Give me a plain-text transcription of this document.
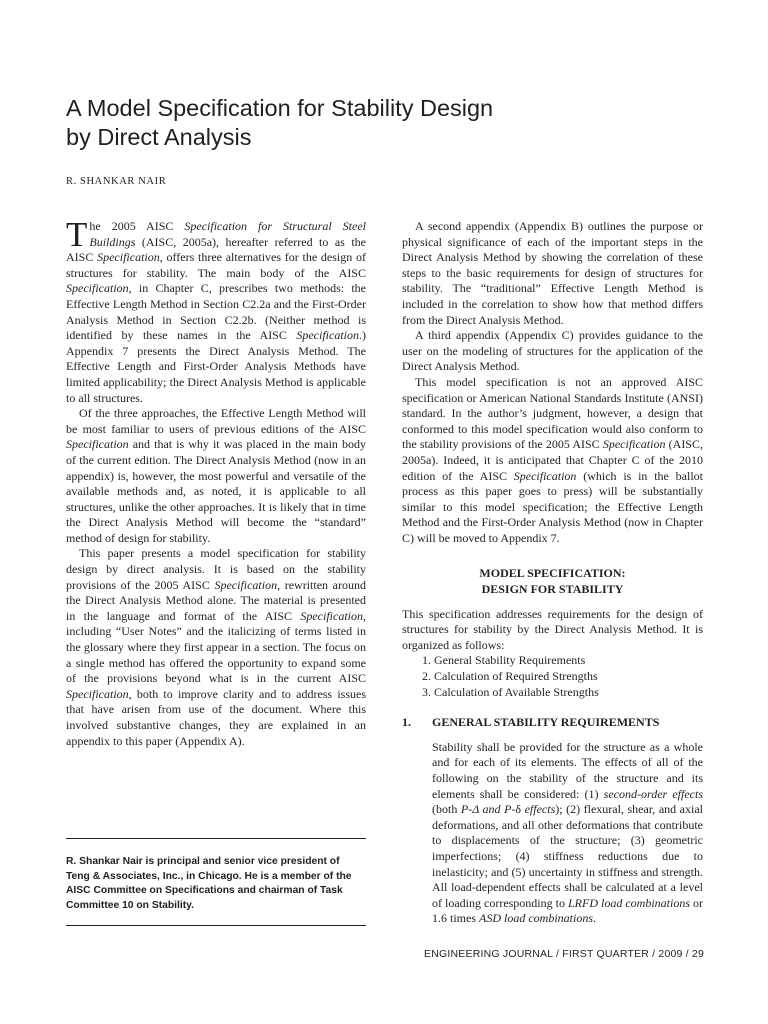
A Model Specification for Stability Design
by Direct Analysis
R. SHANKAR NAIR

The 2005 AISC Specification for Structural Steel Buildings (AISC, 2005a), hereafter referred to as the AISC Specification, offers three alternatives for the design of structures for stability. The main body of the AISC Specification, in Chapter C, prescribes two methods: the Effective Length Method in Section C2.2a and the First-Order Analysis Method in Section C2.2b. (Neither method is identified by these names in the AISC Specification.) Appendix 7 presents the Direct Analysis Method. The Effective Length and First-Order Analysis Methods have limited applicability; the Direct Analysis Method is applicable to all structures.

Of the three approaches, the Effective Length Method will be most familiar to users of previous editions of the AISC Specification and that is why it was placed in the main body of the current edition. The Direct Analysis Method (now in an appendix) is, however, the most powerful and versatile of the available methods and, as noted, it is applicable to all structures, unlike the other approaches. It is likely that in time the Direct Analysis Method will become the “standard” method of design for stability.

This paper presents a model specification for stability design by direct analysis. It is based on the stability provisions of the 2005 AISC Specification, rewritten around the Direct Analysis Method alone. The material is presented in the language and format of the AISC Specification, including “User Notes” and the italicizing of terms listed in the glossary where they first appear in a section. The focus on a single method has offered the opportunity to expand some of the provisions beyond what is in the current AISC Specification, both to improve clarity and to address issues that have arisen from use of the document. Where this involved substantive changes, they are explained in an appendix to this paper (Appendix A).

A second appendix (Appendix B) outlines the purpose or physical significance of each of the important steps in the Direct Analysis Method by showing the correlation of these steps to the basic requirements for design of structures for stability. The “traditional” Effective Length Method is included in the correlation to show how that method differs from the Direct Analysis Method.

A third appendix (Appendix C) provides guidance to the user on the modeling of structures for the application of the Direct Analysis Method.

This model specification is not an approved AISC specification or American National Standards Institute (ANSI) standard. In the author’s judgment, however, a design that conformed to this model specification would also conform to the stability provisions of the 2005 AISC Specification (AISC, 2005a). Indeed, it is anticipated that Chapter C of the 2010 edition of the AISC Specification (which is in the ballot process as this paper goes to press) will be substantially similar to this model specification; the Effective Length Method and the First-Order Analysis Method (now in Chapter C) will be moved to Appendix 7.

MODEL SPECIFICATION:
DESIGN FOR STABILITY

This specification addresses requirements for the design of structures for stability by the Direct Analysis Method. It is organized as follows:

1. General Stability Requirements
2. Calculation of Required Strengths
3. Calculation of Available Strengths
1.	GENERAL STABILITY REQUIREMENTS

Stability shall be provided for the structure as a whole and for each of its elements. The effects of all of the following on the stability of the structure and its elements shall be considered: (1) second-order effects (both P-Δ and P-δ effects); (2) flexural, shear, and axial deformations, and all other deformations that contribute to displacements of the structure; (3) geometric imperfections; (4) stiffness reductions due to inelasticity; and (5) uncertainty in stiffness and strength. All load-dependent effects shall be calculated at a level of loading corresponding to LRFD load combinations or 1.6 times ASD load combinations.

R. Shankar Nair is principal and senior vice president of Teng & Associates, Inc., in Chicago. He is a member of the AISC Committee on Specifications and chairman of Task Committee 10 on Stability.
ENGINEERING JOURNAL / FIRST QUARTER / 2009 / 29
